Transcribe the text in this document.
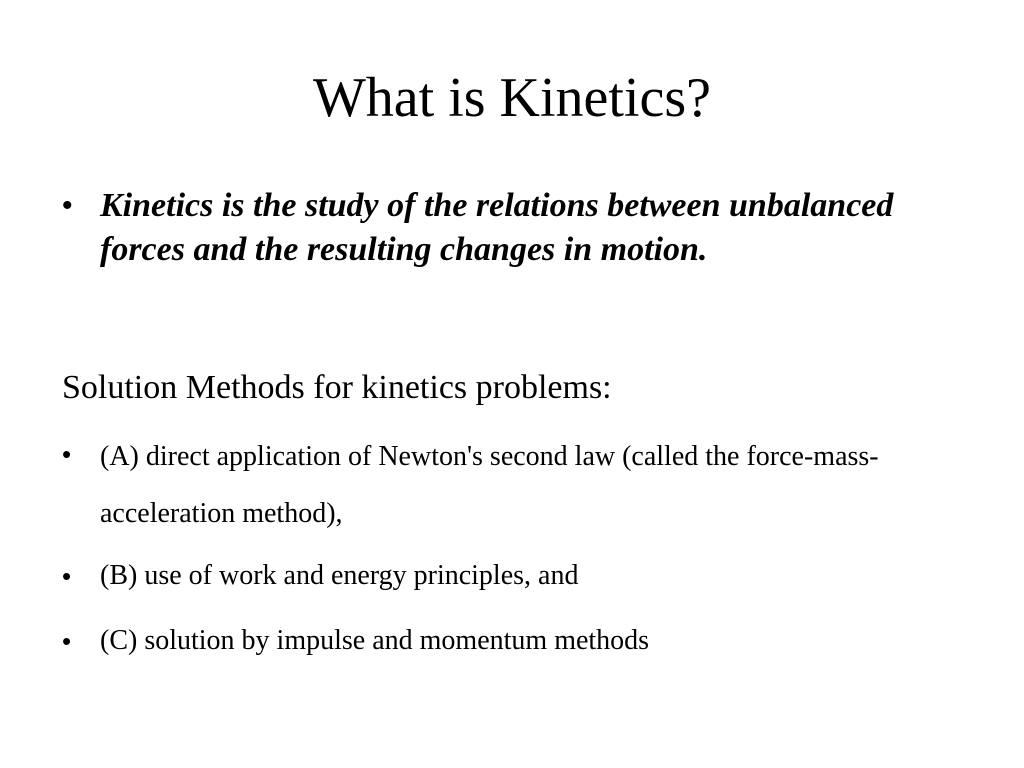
What is Kinetics?
• Kinetics is the study of the relations between unbalanced forces and the resulting changes in motion.
Solution Methods for kinetics problems:
•	(A) direct application of Newton's second law (called the force-mass-acceleration method),
•	(B) use of work and energy principles, and
•	(C) solution by impulse and momentum methods
